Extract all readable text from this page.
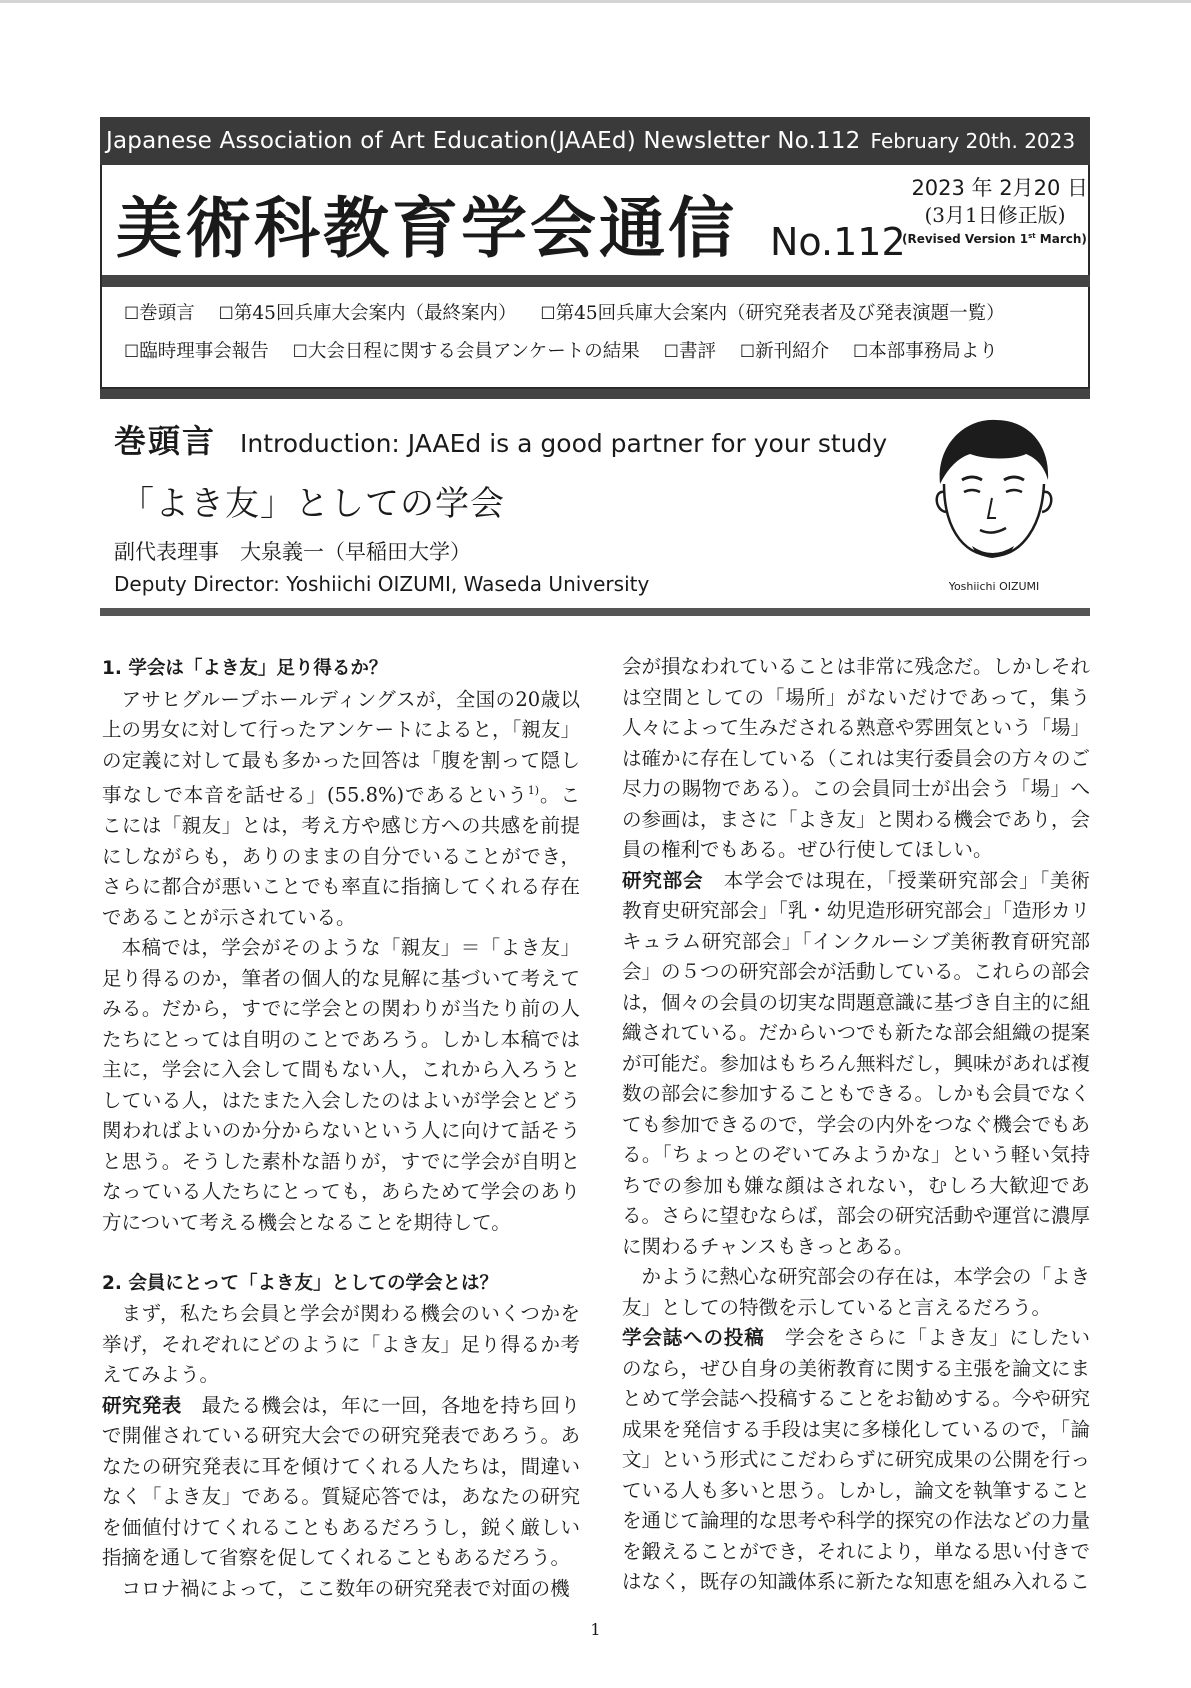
Japanese Association of Art Education(JAAEd) Newsletter No.112 February 20th. 2023
美術科教育学会通信 No.112
2023 年 2月20 日
(3月1日修正版)
(Revised Version 1st March)
☐巻頭言 ☐第45回兵庫大会案内（最終案内） ☐第45回兵庫大会案内（研究発表者及び発表演題一覧）
☐臨時理事会報告 ☐大会日程に関する会員アンケートの結果 ☐書評 ☐新刊紹介 ☐本部事務局より
巻頭言 Introduction: JAAEd is a good partner for your study
「よき友」としての学会
副代表理事　大泉義一（早稲田大学）
Deputy Director: Yoshiichi OIZUMI, Waseda University	Yoshiichi OIZUMI

1. 学会は「よき友」足り得るか？

アサヒグループホールディングスが，全国の20歳以上の男女に対して行ったアンケートによると，「親友」の定義に対して最も多かった回答は「腹を割って隠し事なしで本音を話せる」(55.8%)であるという$^{1)}$。ここには「親友」とは，考え方や感じ方への共感を前提にしながらも，ありのままの自分でいることができ，さらに都合が悪いことでも率直に指摘してくれる存在であることが示されている。

本稿では，学会がそのような「親友」＝「よき友」足り得るのか，筆者の個人的な見解に基づいて考えてみる。だから，すでに学会との関わりが当たり前の人たちにとっては自明のことであろう。しかし本稿では主に，学会に入会して間もない人，これから入ろうとしている人，はたまた入会したのはよいが学会とどう関わればよいのか分からないという人に向けて話そうと思う。そうした素朴な語りが，すでに学会が自明となっている人たちにとっても，あらためて学会のあり方について考える機会となることを期待して。

2. 会員にとって「よき友」としての学会とは？

まず，私たち会員と学会が関わる機会のいくつかを挙げ，それぞれにどのように「よき友」足り得るか考えてみよう。

研究発表　最たる機会は，年に一回，各地を持ち回りで開催されている研究大会での研究発表であろう。あなたの研究発表に耳を傾けてくれる人たちは，間違いなく「よき友」である。質疑応答では，あなたの研究を価値付けてくれることもあるだろうし，鋭く厳しい指摘を通して省察を促してくれることもあるだろう。

コロナ禍によって，ここ数年の研究発表で対面の機

会が損なわれていることは非常に残念だ。しかしそれは空間としての「場所」がないだけであって，集う人々によって生みだされる熟意や雰囲気という「場」は確かに存在している（これは実行委員会の方々のご尽力の賜物である）。この会員同士が出会う「場」への参画は，まさに「よき友」と関わる機会であり，会員の権利でもある。ぜひ行使してほしい。

研究部会　本学会では現在，「授業研究部会」「美術教育史研究部会」「乳・幼児造形研究部会」「造形カリキュラム研究部会」「インクルーシブ美術教育研究部会」の５つの研究部会が活動している。これらの部会は，個々の会員の切実な問題意識に基づき自主的に組織されている。だからいつでも新たな部会組織の提案が可能だ。参加はもちろん無料だし，興味があれば複数の部会に参加することもできる。しかも会員でなくても参加できるので，学会の内外をつなぐ機会でもある。「ちょっとのぞいてみようかな」という軽い気持ちでの参加も嫌な顔はされない，むしろ大歓迎である。さらに望むならば，部会の研究活動や運営に濃厚に関わるチャンスもきっとある。

かように熱心な研究部会の存在は，本学会の「よき友」としての特徴を示していると言えるだろう。

学会誌への投稿　学会をさらに「よき友」にしたいのなら，ぜひ自身の美術教育に関する主張を論文にまとめて学会誌へ投稿することをお勧めする。今や研究成果を発信する手段は実に多様化しているので，「論文」という形式にこだわらずに研究成果の公開を行っている人も多いと思う。しかし，論文を執筆することを通じて論理的な思考や科学的探究の作法などの力量を鍛えることができ，それにより，単なる思い付きではなく，既存の知識体系に新たな知恵を組み入れるこ

1
